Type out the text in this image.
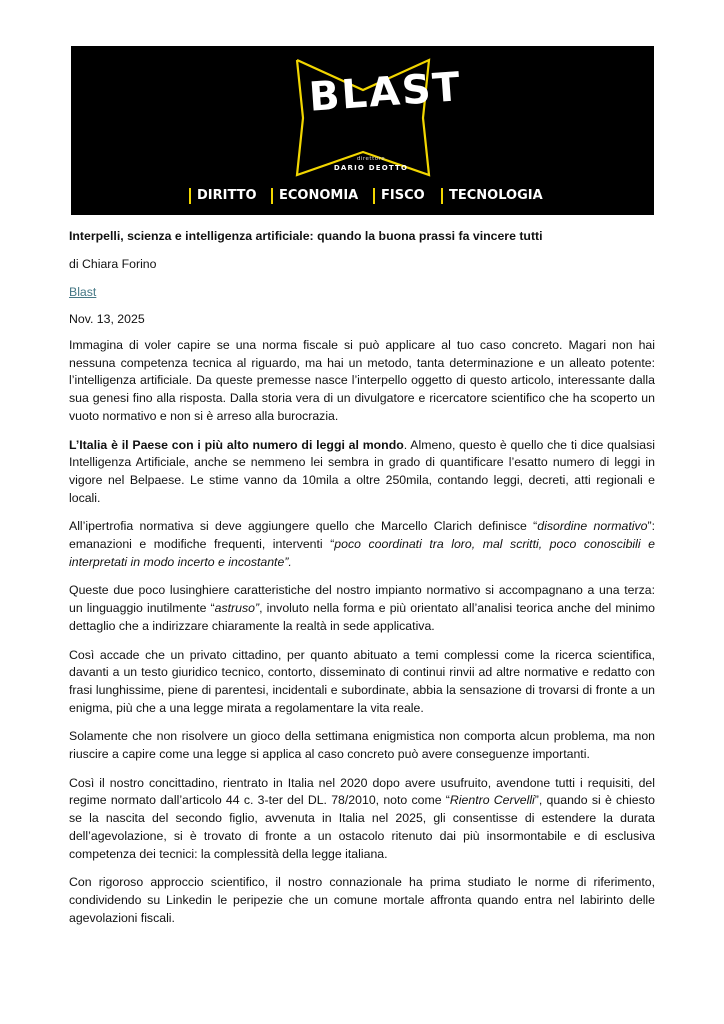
BLAST
direttore
DARIO DEOTTO
DIRITTO	ECONOMIA	FISCO	TECNOLOGIA
Interpelli, scienza e intelligenza artificiale: quando la buona prassi fa vincere tutti
di Chiara Forino
Blast
Nov. 13, 2025

Immagina di voler capire se una norma fiscale si può applicare al tuo caso concreto. Magari non hai nessuna competenza tecnica al riguardo, ma hai un metodo, tanta determinazione e un alleato potente: l’intelligenza artificiale. Da queste premesse nasce l’interpello oggetto di questo articolo, interessante dalla sua genesi fino alla risposta. Dalla storia vera di un divulgatore e ricercatore scientifico che ha scoperto un vuoto normativo e non si è arreso alla burocrazia.

L’Italia è il Paese con i più alto numero di leggi al mondo. Almeno, questo è quello che ti dice qualsiasi Intelligenza Artificiale, anche se nemmeno lei sembra in grado di quantificare l’esatto numero di leggi in vigore nel Belpaese. Le stime vanno da 10mila a oltre 250mila, contando leggi, decreti, atti regionali e locali.

All’ipertrofia normativa si deve aggiungere quello che Marcello Clarich definisce “disordine normativo”: emanazioni e modifiche frequenti, interventi “poco coordinati tra loro, mal scritti, poco conoscibili e interpretati in modo incerto e incostante”.

Queste due poco lusinghiere caratteristiche del nostro impianto normativo si accompagnano a una terza: un linguaggio inutilmente “astruso”, involuto nella forma e più orientato all’analisi teorica anche del minimo dettaglio che a indirizzare chiaramente la realtà in sede applicativa.

Così accade che un privato cittadino, per quanto abituato a temi complessi come la ricerca scientifica, davanti a un testo giuridico tecnico, contorto, disseminato di continui rinvii ad altre normative e redatto con frasi lunghissime, piene di parentesi, incidentali e subordinate, abbia la sensazione di trovarsi di fronte a un enigma, più che a una legge mirata a regolamentare la vita reale.

Solamente che non risolvere un gioco della settimana enigmistica non comporta alcun problema, ma non riuscire a capire come una legge si applica al caso concreto può avere conseguenze importanti.

Così il nostro concittadino, rientrato in Italia nel 2020 dopo avere usufruito, avendone tutti i requisiti, del regime normato dall’articolo 44 c. 3-ter del DL. 78/2010, noto come “Rientro Cervelli”, quando si è chiesto se la nascita del secondo figlio, avvenuta in Italia nel 2025, gli consentisse di estendere la durata dell’agevolazione, si è trovato di fronte a un ostacolo ritenuto dai più insormontabile e di esclusiva competenza dei tecnici: la complessità della legge italiana.

Con rigoroso approccio scientifico, il nostro connazionale ha prima studiato le norme di riferimento, condividendo su Linkedin le peripezie che un comune mortale affronta quando entra nel labirinto delle agevolazioni fiscali.
